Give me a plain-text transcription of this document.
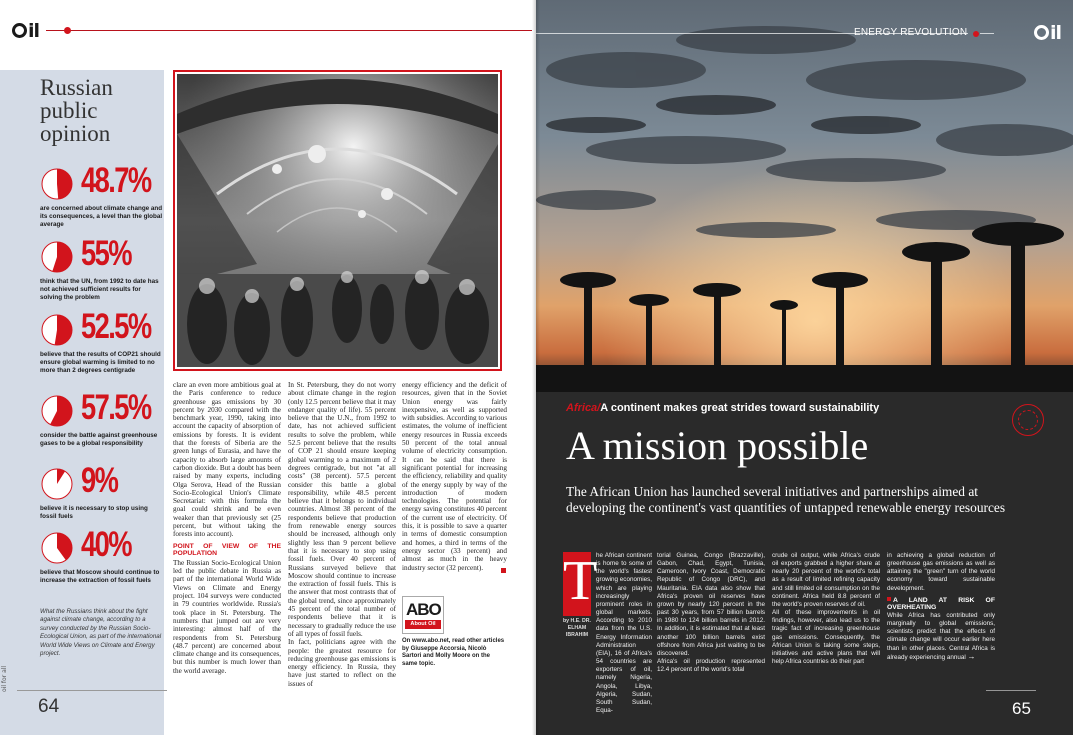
il
Russian public opinion
48.7%
are concerned about climate change and its consequences, a level than the global average
55%
think that the UN, from 1992 to date has not achieved sufficient results for solving the problem
52.5%
believe that the results of COP21 should ensure global warming is limited to no more than 2 degrees centigrade
57.5%
consider the battle against greenhouse gases to be a global responsibility
9%
believe it is necessary to stop using fossil fuels
40%
believe that Moscow should continue to increase the extraction of fossil fuels
What the Russians think about the fight against climate change, according to a survey conducted by the Russian Socio-Ecological Union, as part of the international World Wide Views on Climate and Energy project.
oil for all
64

clare an even more ambitious goal at the Paris conference to reduce greenhouse gas emissions by 30 percent by 2030 compared with the benchmark year, 1990, taking into account the capacity of absorption of emissions by forests. It is evident that the forests of Siberia are the green lungs of Eurasia, and have the capacity to absorb large amounts of carbon dioxide. But a doubt has been raised by many experts, including Olga Serova, Head of the Russian Socio-Ecological Union's Climate Secretariat: with this formula the goal could shrink and be even weaker than that previously set (25 percent, but without taking the forests into account).

POINT OF VIEW OF THE POPULATION

The Russian Socio-Ecological Union led the public debate in Russia as part of the international World Wide Views on Climate and Energy project. 104 surveys were conducted in 79 countries worldwide. Russia's took place in St. Petersburg. The numbers that jumped out are very interesting: almost half of the respondents from St. Petersburg (48.7 percent) are concerned about climate change and its consequences, but this number is much lower than the world average.

In St. Petersburg, they do not worry about climate change in the region (only 12.5 percent believe that it may endanger quality of life). 55 percent believe that the U.N., from 1992 to date, has not achieved sufficient results to solve the problem, while 52.5 percent believe that the results of COP 21 should ensure keeping global warming to a maximum of 2 degrees centigrade, but not "at all costs" (38 percent). 57.5 percent consider this battle a global responsibility, while 48.5 percent believe that it belongs to individual countries. Almost 38 percent of the respondents believe that production from renewable energy sources should be increased, although only slightly less than 9 percent believe that it is necessary to stop using fossil fuels. Over 40 percent of Russians surveyed believe that Moscow should continue to increase the extraction of fossil fuels. This is the answer that most contrasts that of the global trend, since approximately 45 percent of the total number of respondents believe that it is necessary to gradually reduce the use of all types of fossil fuels.

In fact, politicians agree with the people: the greatest resource for reducing greenhouse gas emissions is energy efficiency. In Russia, they have just started to reflect on the issues of

energy efficiency and the deficit of resources, given that in the Soviet Union energy was fairly inexpensive, as well as supported with subsidies. According to various estimates, the volume of inefficient energy resources in Russia exceeds 50 percent of the total annual volume of electricity consumption. It can be said that there is significant potential for increasing the efficiency, reliability and quality of the energy supply by way of the introduction of modern technologies. The potential for energy saving constitutes 40 percent of the current use of electricity. Of this, it is possible to save a quarter in terms of domestic consumption and homes, a third in terms of the energy sector (33 percent) and almost as much in the heavy industry sector (32 percent).

ABO
About Oil
On www.abo.net, read other articles by Giuseppe Accorsia, Nicolò Sartori and Molly Moore on the same topic.
ENERGY REVOLUTION	il
Africa/A continent makes great strides toward sustainability
A mission possible
The African Union has launched several initiatives and partnerships aimed at developing the continent's vast quantities of untapped renewable energy resources
T
by H.E. DR. ELHAM IBRAHIM

he African continent is home to some of the world's fastest growing economies, which are playing increasingly prominent roles in global markets. According to 2010 data from the U.S. Energy Information Administration (EIA), 16 of Africa's 54 countries are exporters of oil, namely Nigeria, Angola, Libya, Algeria, Sudan, South Sudan, Equa-

torial Guinea, Congo (Brazzaville), Gabon, Chad, Egypt, Tunisia, Cameroon, Ivory Coast, Democratic Republic of Congo (DRC), and Mauritania. EIA data also show that Africa's proven oil reserves have grown by nearly 120 percent in the past 30 years, from 57 billion barrels in 1980 to 124 billion barrels in 2012. In addition, it is estimated that at least another 100 billion barrels exist offshore from Africa just waiting to be discovered.

Africa's oil production represented 12.4 percent of the world's total

crude oil output, while Africa's crude oil exports grabbed a higher share at nearly 20 percent of the world's total as a result of limited refining capacity and still limited oil consumption on the continent. Africa held 8.8 percent of the world's proven reserves of oil.

All of these improvements in oil findings, however, also lead us to the tragic fact of increasing greenhouse gas emissions. Consequently, the African Union is taking some steps, initiatives and active plans that will help Africa countries do their part

in achieving a global reduction of greenhouse gas emissions as well as attaining the "green" turn of the world economy toward sustainable development.

A LAND AT RISK OF OVERHEATING

While Africa has contributed only marginally to global emissions, scientists predict that the effects of climate change will occur earlier here than in other places. Central Africa is already experiencing annual →

65
